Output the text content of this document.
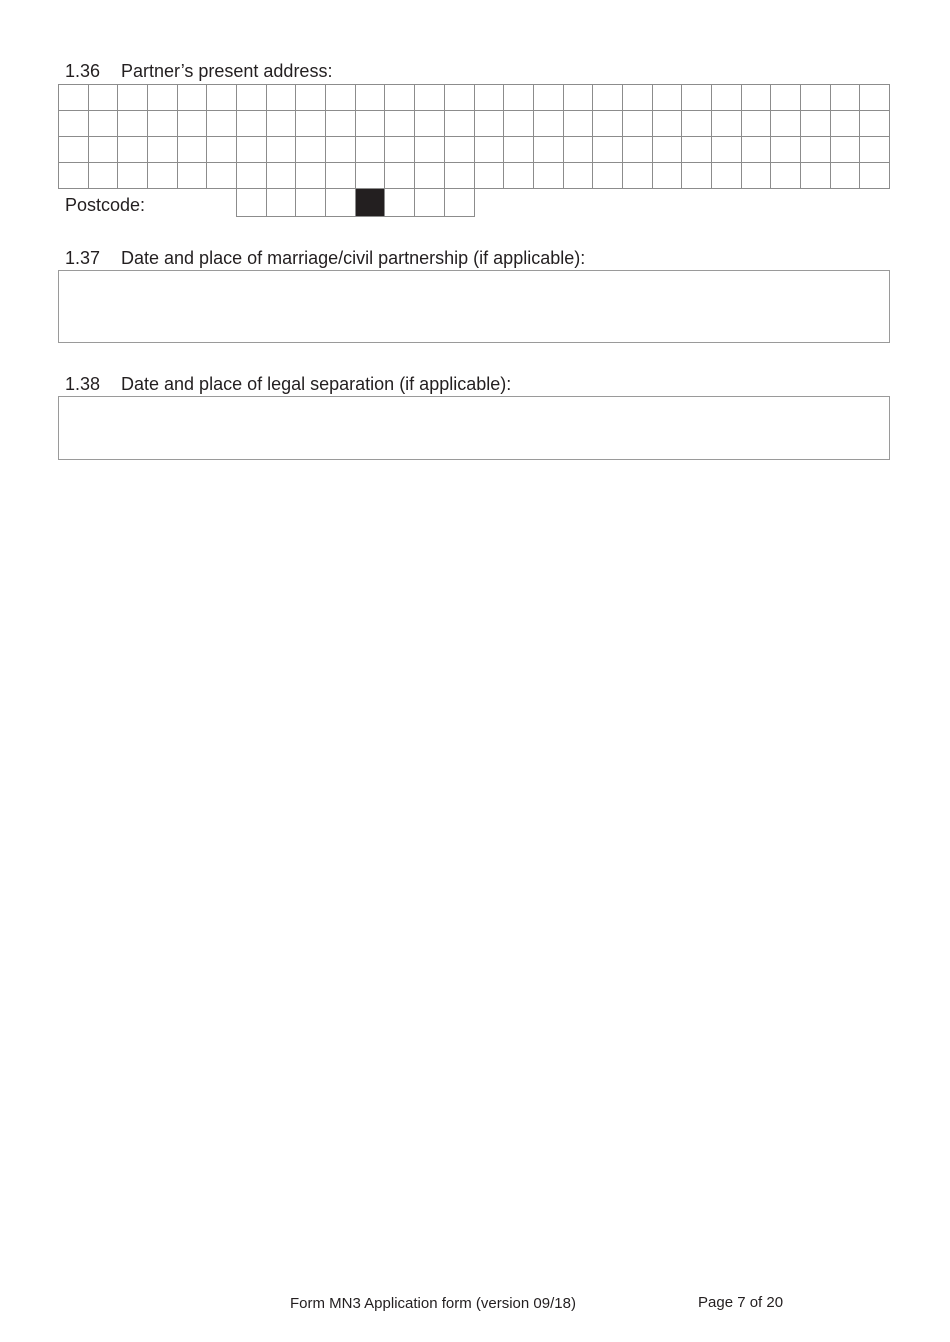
1.36 Partner’s present address:
Postcode:
1.37 Date and place of marriage/civil partnership (if applicable):
1.38 Date and place of legal separation (if applicable):
Form MN3 Application form (version 09/18)	Page 7 of 20
